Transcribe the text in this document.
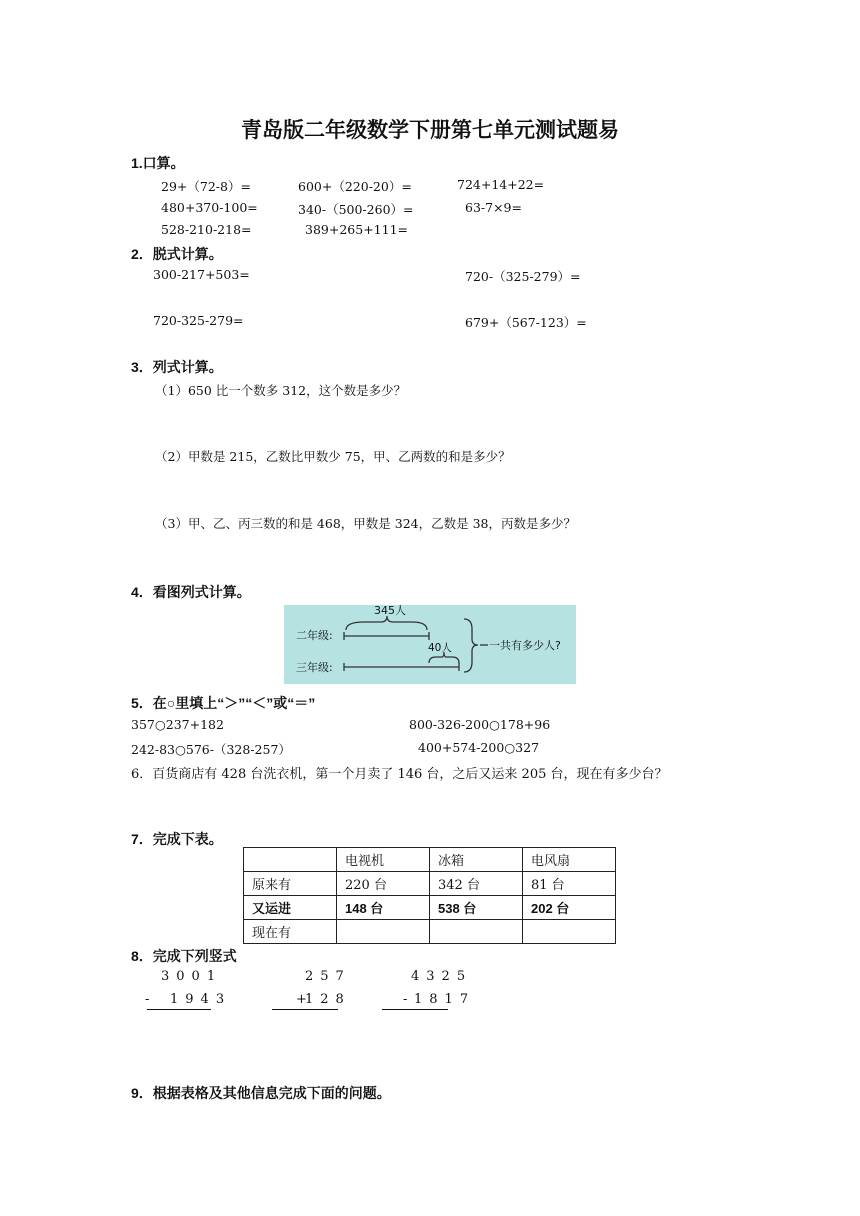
青岛版二年级数学下册第七单元测试题易
1.口算。
29+（72-8）=	600+（220-20）=	724+14+22=
480+370-100=	340-（500-260）=	63-7×9=
528-210-218=	389+265+111=
2．脱式计算。
300-217+503=	720-（325-279）=
720-325-279=	679+（567-123）=
3．列式计算。
（1）650 比一个数多 312，这个数是多少？
（2）甲数是 215，乙数比甲数少 75，甲、乙两数的和是多少？
（3）甲、乙、丙三数的和是 468，甲数是 324，乙数是 38，丙数是多少？
4．看图列式计算。
二年级:
三年级:
345人
40人	一共有多少人?
5．在○里填上“＞”“＜”或“＝”
357○237+182	800-326-200○178+96
242-83○576-（328-257）	400+574-200○327
6．百货商店有 428 台洗衣机，第一个月卖了 146 台，之后又运来 205 台，现在有多少台？
7．完成下表。
	电视机	冰箱	电风扇
原来有	220 台	342 台	81 台
又运进	148 台	538 台	202 台
现在有			
8．完成下列竖式
3001
- 1943
257
+
128
4325
- 1817
9．根据表格及其他信息完成下面的问题。
